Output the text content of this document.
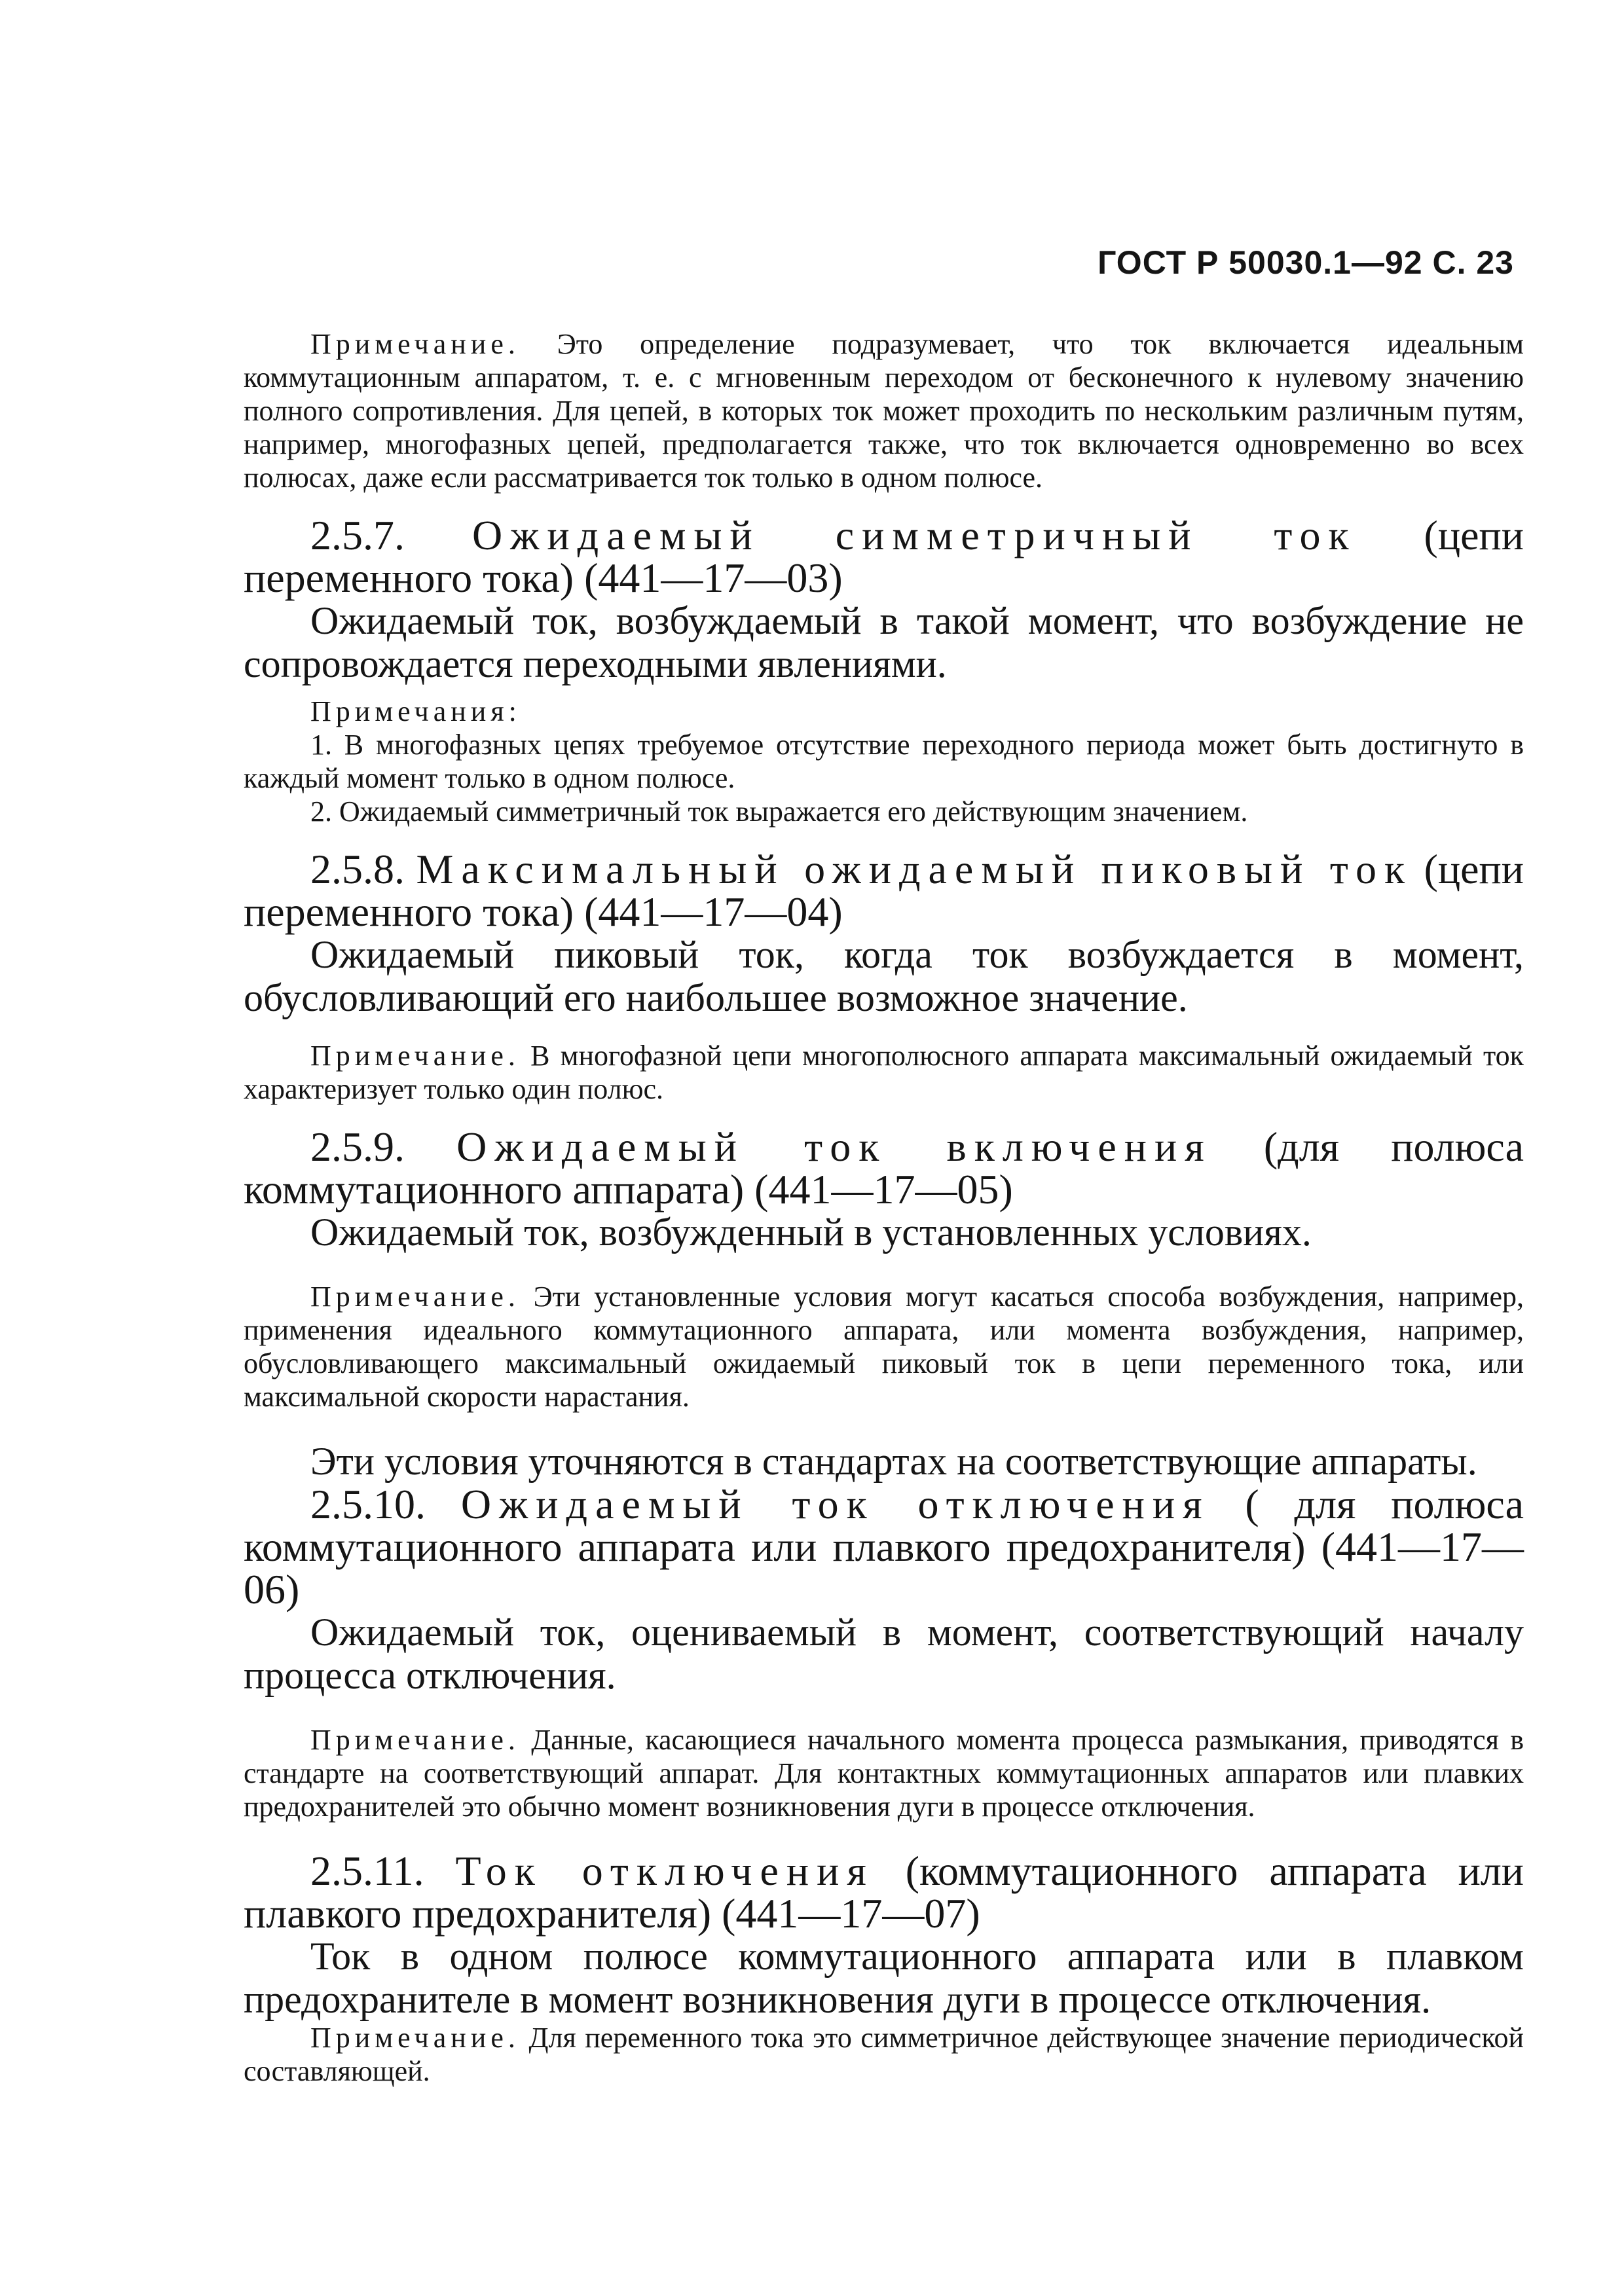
ГОСТ Р 50030.1—92 С. 23

Примечание. Это определение подразумевает, что ток включается идеальным коммутационным аппаратом, т. е. с мгновенным переходом от бесконечного к нулевому значению полного сопротивления. Для цепей, в которых ток может проходить по нескольким различным путям, например, многофазных цепей, предполагается также, что ток включается одновременно во всех полюсах, даже если рассматривается ток только в одном полюсе.

2.5.7. Ожидаемый симметричный ток (цепи переменного тока) (441—17—03)

Ожидаемый ток, возбуждаемый в такой момент, что возбуждение не сопровождается переходными явлениями.

Примечания:
1. В многофазных цепях требуемое отсутствие переходного периода может быть достигнуто в каждый момент только в одном полюсе.
2. Ожидаемый симметричный ток выражается его действующим значением.

2.5.8. Максимальный ожидаемый пиковый ток (цепи переменного тока) (441—17—04)

Ожидаемый пиковый ток, когда ток возбуждается в момент, обусловливающий его наибольшее возможное значение.

Примечание. В многофазной цепи многополюсного аппарата максимальный ожидаемый ток характеризует только один полюс.

2.5.9. Ожидаемый ток включения (для полюса коммутационного аппарата) (441—17—05)

Ожидаемый ток, возбужденный в установленных условиях.

Примечание. Эти установленные условия могут касаться способа возбуждения, например, применения идеального коммутационного аппарата, или момента возбуждения, например, обусловливающего максимальный ожидаемый пиковый ток в цепи переменного тока, или максимальной скорости нарастания.

Эти условия уточняются в стандартах на соответствующие аппараты.

2.5.10. Ожидаемый ток отключения ( для полюса коммутационного аппарата или плавкого предохранителя) (441—17—06)

Ожидаемый ток, оцениваемый в момент, соответствующий началу процесса отключения.

Примечание. Данные, касающиеся начального момента процесса размыкания, приводятся в стандарте на соответствующий аппарат. Для контактных коммутационных аппаратов или плавких предохранителей это обычно момент возникновения дуги в процессе отключения.

2.5.11. Ток отключения (коммутационного аппарата или плавкого предохранителя) (441—17—07)

Ток в одном полюсе коммутационного аппарата или в плавком предохранителе в момент возникновения дуги в процессе отключения.

Примечание. Для переменного тока это симметричное действующее значение периодической составляющей.
